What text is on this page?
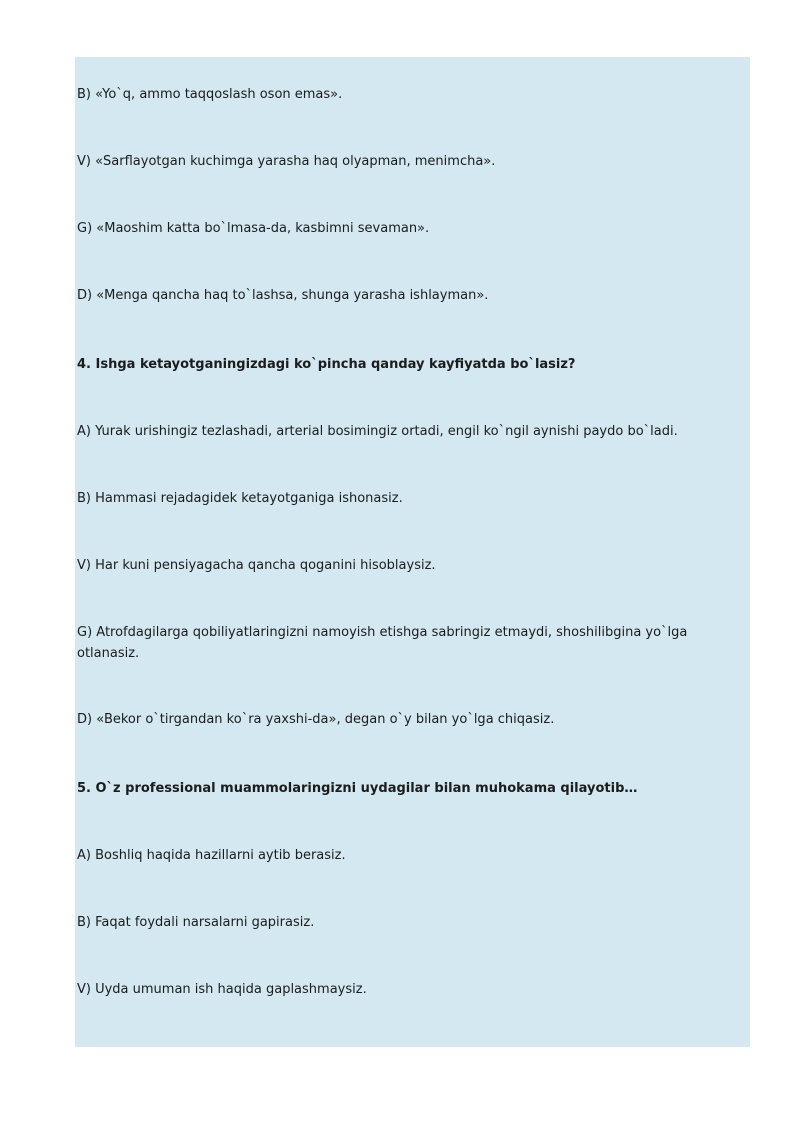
B) «Yo`q, ammo taqqoslash oson emas».
V) «Sarflayotgan kuchimga yarasha haq olyapman, menimcha».
G) «Maoshim katta bo`lmasa-da, kasbimni sevaman».
D) «Menga qancha haq to`lashsa, shunga yarasha ishlayman».
4. Ishga ketayotganingizdagi ko`pincha qanday kayfiyatda bo`lasiz?
A) Yurak urishingiz tezlashadi, arterial bosimingiz ortadi, engil ko`ngil aynishi paydo bo`ladi.
B) Hammasi rejadagidek ketayotganiga ishonasiz.
V) Har kuni pensiyagacha qancha qoganini hisoblaysiz.
G) Atrofdagilarga qobiliyatlaringizni namoyish etishga sabringiz etmaydi, shoshilibgina yo`lga otlanasiz.
D) «Bekor o`tirgandan ko`ra yaxshi-da», degan o`y bilan yo`lga chiqasiz.
5. O`z professional muammolaringizni uydagilar bilan muhokama qilayotib…
A) Boshliq haqida hazillarni aytib berasiz.
B) Faqat foydali narsalarni gapirasiz.
V) Uyda umuman ish haqida gaplashmaysiz.
